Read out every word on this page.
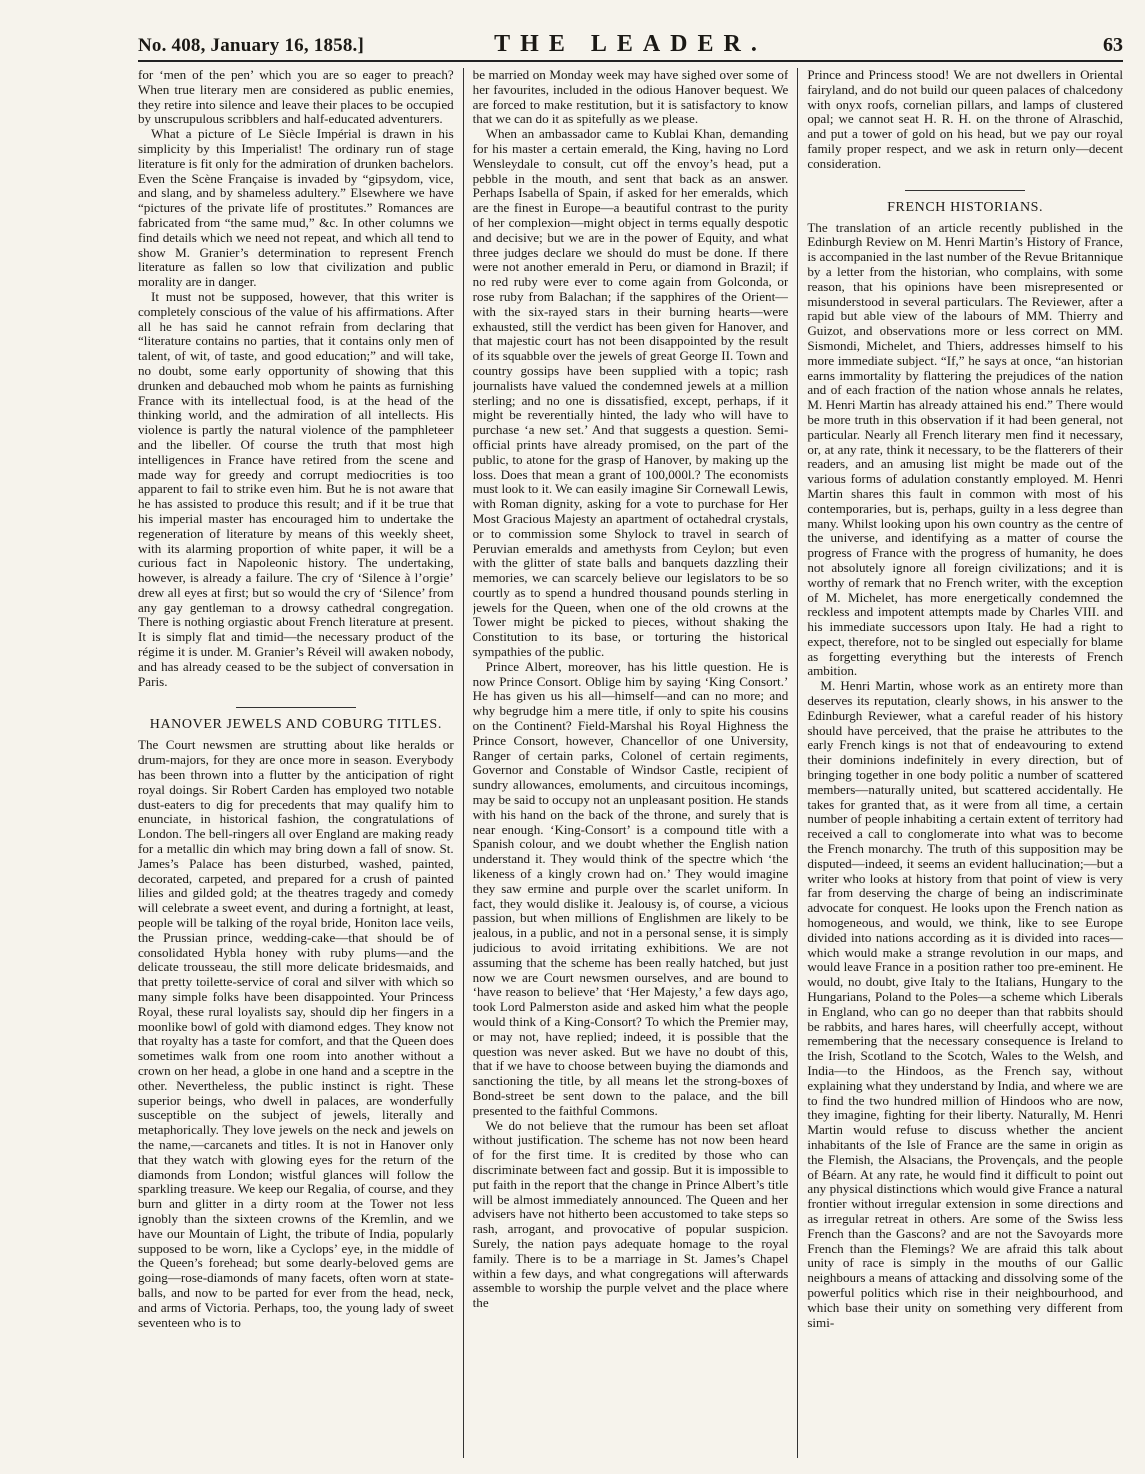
No. 408, January 16, 1858.]	THE LEADER.	63

for ‘men of the pen’ which you are so eager to preach? When true literary men are considered as public enemies, they retire into silence and leave their places to be occupied by unscrupulous scribblers and half-educated adventurers.

What a picture of Le Siècle Impérial is drawn in his simplicity by this Imperialist! The ordinary run of stage literature is fit only for the admiration of drunken bachelors. Even the Scène Française is invaded by “gipsydom, vice, and slang, and by shameless adultery.” Elsewhere we have “pictures of the private life of prostitutes.” Romances are fabricated from “the same mud,” &c. In other columns we find details which we need not repeat, and which all tend to show M. Granier’s determination to represent French literature as fallen so low that civilization and public morality are in danger.

It must not be supposed, however, that this writer is completely conscious of the value of his affirmations. After all he has said he cannot refrain from declaring that “literature contains no parties, that it contains only men of talent, of wit, of taste, and good education;” and will take, no doubt, some early opportunity of showing that this drunken and debauched mob whom he paints as furnishing France with its intellectual food, is at the head of the thinking world, and the admiration of all intellects. His violence is partly the natural violence of the pamphleteer and the libeller. Of course the truth that most high intelligences in France have retired from the scene and made way for greedy and corrupt mediocrities is too apparent to fail to strike even him. But he is not aware that he has assisted to produce this result; and if it be true that his imperial master has encouraged him to undertake the regeneration of literature by means of this weekly sheet, with its alarming proportion of white paper, it will be a curious fact in Napoleonic history. The undertaking, however, is already a failure. The cry of ‘Silence à l’orgie’ drew all eyes at first; but so would the cry of ‘Silence’ from any gay gentleman to a drowsy cathedral congregation. There is nothing orgiastic about French literature at present. It is simply flat and timid—the necessary product of the régime it is under. M. Granier’s Réveil will awaken nobody, and has already ceased to be the subject of conversation in Paris.

HANOVER JEWELS AND COBURG TITLES.

The Court newsmen are strutting about like heralds or drum-majors, for they are once more in season. Everybody has been thrown into a flutter by the anticipation of right royal doings. Sir Robert Carden has employed two notable dust-eaters to dig for precedents that may qualify him to enunciate, in historical fashion, the congratulations of London. The bell-ringers all over England are making ready for a metallic din which may bring down a fall of snow. St. James’s Palace has been disturbed, washed, painted, decorated, carpeted, and prepared for a crush of painted lilies and gilded gold; at the theatres tragedy and comedy will celebrate a sweet event, and during a fortnight, at least, people will be talking of the royal bride, Honiton lace veils, the Prussian prince, wedding-cake—that should be of consolidated Hybla honey with ruby plums—and the delicate trousseau, the still more delicate bridesmaids, and that pretty toilette-service of coral and silver with which so many simple folks have been disappointed. Your Princess Royal, these rural loyalists say, should dip her fingers in a moonlike bowl of gold with diamond edges. They know not that royalty has a taste for comfort, and that the Queen does sometimes walk from one room into another without a crown on her head, a globe in one hand and a sceptre in the other. Nevertheless, the public instinct is right. These superior beings, who dwell in palaces, are wonderfully susceptible on the subject of jewels, literally and metaphorically. They love jewels on the neck and jewels on the name,—carcanets and titles. It is not in Hanover only that they watch with glowing eyes for the return of the diamonds from London; wistful glances will follow the sparkling treasure. We keep our Regalia, of course, and they burn and glitter in a dirty room at the Tower not less ignobly than the sixteen crowns of the Kremlin, and we have our Mountain of Light, the tribute of India, popularly supposed to be worn, like a Cyclops’ eye, in the middle of the Queen’s forehead; but some dearly-beloved gems are going—rose-diamonds of many facets, often worn at state-balls, and now to be parted for ever from the head, neck, and arms of Victoria. Perhaps, too, the young lady of sweet seventeen who is to

be married on Monday week may have sighed over some of her favourites, included in the odious Hanover bequest. We are forced to make restitution, but it is satisfactory to know that we can do it as spitefully as we please.

When an ambassador came to Kublai Khan, demanding for his master a certain emerald, the King, having no Lord Wensleydale to consult, cut off the envoy’s head, put a pebble in the mouth, and sent that back as an answer. Perhaps Isabella of Spain, if asked for her emeralds, which are the finest in Europe—a beautiful contrast to the purity of her complexion—might object in terms equally despotic and decisive; but we are in the power of Equity, and what three judges declare we should do must be done. If there were not another emerald in Peru, or diamond in Brazil; if no red ruby were ever to come again from Golconda, or rose ruby from Balachan; if the sapphires of the Orient—with the six-rayed stars in their burning hearts—were exhausted, still the verdict has been given for Hanover, and that majestic court has not been disappointed by the result of its squabble over the jewels of great George II. Town and country gossips have been supplied with a topic; rash journalists have valued the condemned jewels at a million sterling; and no one is dissatisfied, except, perhaps, if it might be reverentially hinted, the lady who will have to purchase ‘a new set.’ And that suggests a question. Semi-official prints have already promised, on the part of the public, to atone for the grasp of Hanover, by making up the loss. Does that mean a grant of 100,000l.? The economists must look to it. We can easily imagine Sir Cornewall Lewis, with Roman dignity, asking for a vote to purchase for Her Most Gracious Majesty an apartment of octahedral crystals, or to commission some Shylock to travel in search of Peruvian emeralds and amethysts from Ceylon; but even with the glitter of state balls and banquets dazzling their memories, we can scarcely believe our legislators to be so courtly as to spend a hundred thousand pounds sterling in jewels for the Queen, when one of the old crowns at the Tower might be picked to pieces, without shaking the Constitution to its base, or torturing the historical sympathies of the public.

Prince Albert, moreover, has his little question. He is now Prince Consort. Oblige him by saying ‘King Consort.’ He has given us his all—himself—and can no more; and why begrudge him a mere title, if only to spite his cousins on the Continent? Field-Marshal his Royal Highness the Prince Consort, however, Chancellor of one University, Ranger of certain parks, Colonel of certain regiments, Governor and Constable of Windsor Castle, recipient of sundry allowances, emoluments, and circuitous incomings, may be said to occupy not an unpleasant position. He stands with his hand on the back of the throne, and surely that is near enough. ‘King-Consort’ is a compound title with a Spanish colour, and we doubt whether the English nation understand it. They would think of the spectre which ‘the likeness of a kingly crown had on.’ They would imagine they saw ermine and purple over the scarlet uniform. In fact, they would dislike it. Jealousy is, of course, a vicious passion, but when millions of Englishmen are likely to be jealous, in a public, and not in a personal sense, it is simply judicious to avoid irritating exhibitions. We are not assuming that the scheme has been really hatched, but just now we are Court newsmen ourselves, and are bound to ‘have reason to believe’ that ‘Her Majesty,’ a few days ago, took Lord Palmerston aside and asked him what the people would think of a King-Consort? To which the Premier may, or may not, have replied; indeed, it is possible that the question was never asked. But we have no doubt of this, that if we have to choose between buying the diamonds and sanctioning the title, by all means let the strong-boxes of Bond-street be sent down to the palace, and the bill presented to the faithful Commons.

We do not believe that the rumour has been set afloat without justification. The scheme has not now been heard of for the first time. It is credited by those who can discriminate between fact and gossip. But it is impossible to put faith in the report that the change in Prince Albert’s title will be almost immediately announced. The Queen and her advisers have not hitherto been accustomed to take steps so rash, arrogant, and provocative of popular suspicion. Surely, the nation pays adequate homage to the royal family. There is to be a marriage in St. James’s Chapel within a few days, and what congregations will afterwards assemble to worship the purple velvet and the place where the

Prince and Princess stood! We are not dwellers in Oriental fairyland, and do not build our queen palaces of chalcedony with onyx roofs, cornelian pillars, and lamps of clustered opal; we cannot seat H. R. H. on the throne of Alraschid, and put a tower of gold on his head, but we pay our royal family proper respect, and we ask in return only—decent consideration.

FRENCH HISTORIANS.

The translation of an article recently published in the Edinburgh Review on M. Henri Martin’s History of France, is accompanied in the last number of the Revue Britannique by a letter from the historian, who complains, with some reason, that his opinions have been misrepresented or misunderstood in several particulars. The Reviewer, after a rapid but able view of the labours of MM. Thierry and Guizot, and observations more or less correct on MM. Sismondi, Michelet, and Thiers, addresses himself to his more immediate subject. “If,” he says at once, “an historian earns immortality by flattering the prejudices of the nation and of each fraction of the nation whose annals he relates, M. Henri Martin has already attained his end.” There would be more truth in this observation if it had been general, not particular. Nearly all French literary men find it necessary, or, at any rate, think it necessary, to be the flatterers of their readers, and an amusing list might be made out of the various forms of adulation constantly employed. M. Henri Martin shares this fault in common with most of his contemporaries, but is, perhaps, guilty in a less degree than many. Whilst looking upon his own country as the centre of the universe, and identifying as a matter of course the progress of France with the progress of humanity, he does not absolutely ignore all foreign civilizations; and it is worthy of remark that no French writer, with the exception of M. Michelet, has more energetically condemned the reckless and impotent attempts made by Charles VIII. and his immediate successors upon Italy. He had a right to expect, therefore, not to be singled out especially for blame as forgetting everything but the interests of French ambition.

M. Henri Martin, whose work as an entirety more than deserves its reputation, clearly shows, in his answer to the Edinburgh Reviewer, what a careful reader of his history should have perceived, that the praise he attributes to the early French kings is not that of endeavouring to extend their dominions indefinitely in every direction, but of bringing together in one body politic a number of scattered members—naturally united, but scattered accidentally. He takes for granted that, as it were from all time, a certain number of people inhabiting a certain extent of territory had received a call to conglomerate into what was to become the French monarchy. The truth of this supposition may be disputed—indeed, it seems an evident hallucination;—but a writer who looks at history from that point of view is very far from deserving the charge of being an indiscriminate advocate for conquest. He looks upon the French nation as homogeneous, and would, we think, like to see Europe divided into nations according as it is divided into races—which would make a strange revolution in our maps, and would leave France in a position rather too pre-eminent. He would, no doubt, give Italy to the Italians, Hungary to the Hungarians, Poland to the Poles—a scheme which Liberals in England, who can go no deeper than that rabbits should be rabbits, and hares hares, will cheerfully accept, without remembering that the necessary consequence is Ireland to the Irish, Scotland to the Scotch, Wales to the Welsh, and India—to the Hindoos, as the French say, without explaining what they understand by India, and where we are to find the two hundred million of Hindoos who are now, they imagine, fighting for their liberty. Naturally, M. Henri Martin would refuse to discuss whether the ancient inhabitants of the Isle of France are the same in origin as the Flemish, the Alsacians, the Provençals, and the people of Béarn. At any rate, he would find it difficult to point out any physical distinctions which would give France a natural frontier without irregular extension in some directions and as irregular retreat in others. Are some of the Swiss less French than the Gascons? and are not the Savoyards more French than the Flemings? We are afraid this talk about unity of race is simply in the mouths of our Gallic neighbours a means of attacking and dissolving some of the powerful politics which rise in their neighbourhood, and which base their unity on something very different from simi-
